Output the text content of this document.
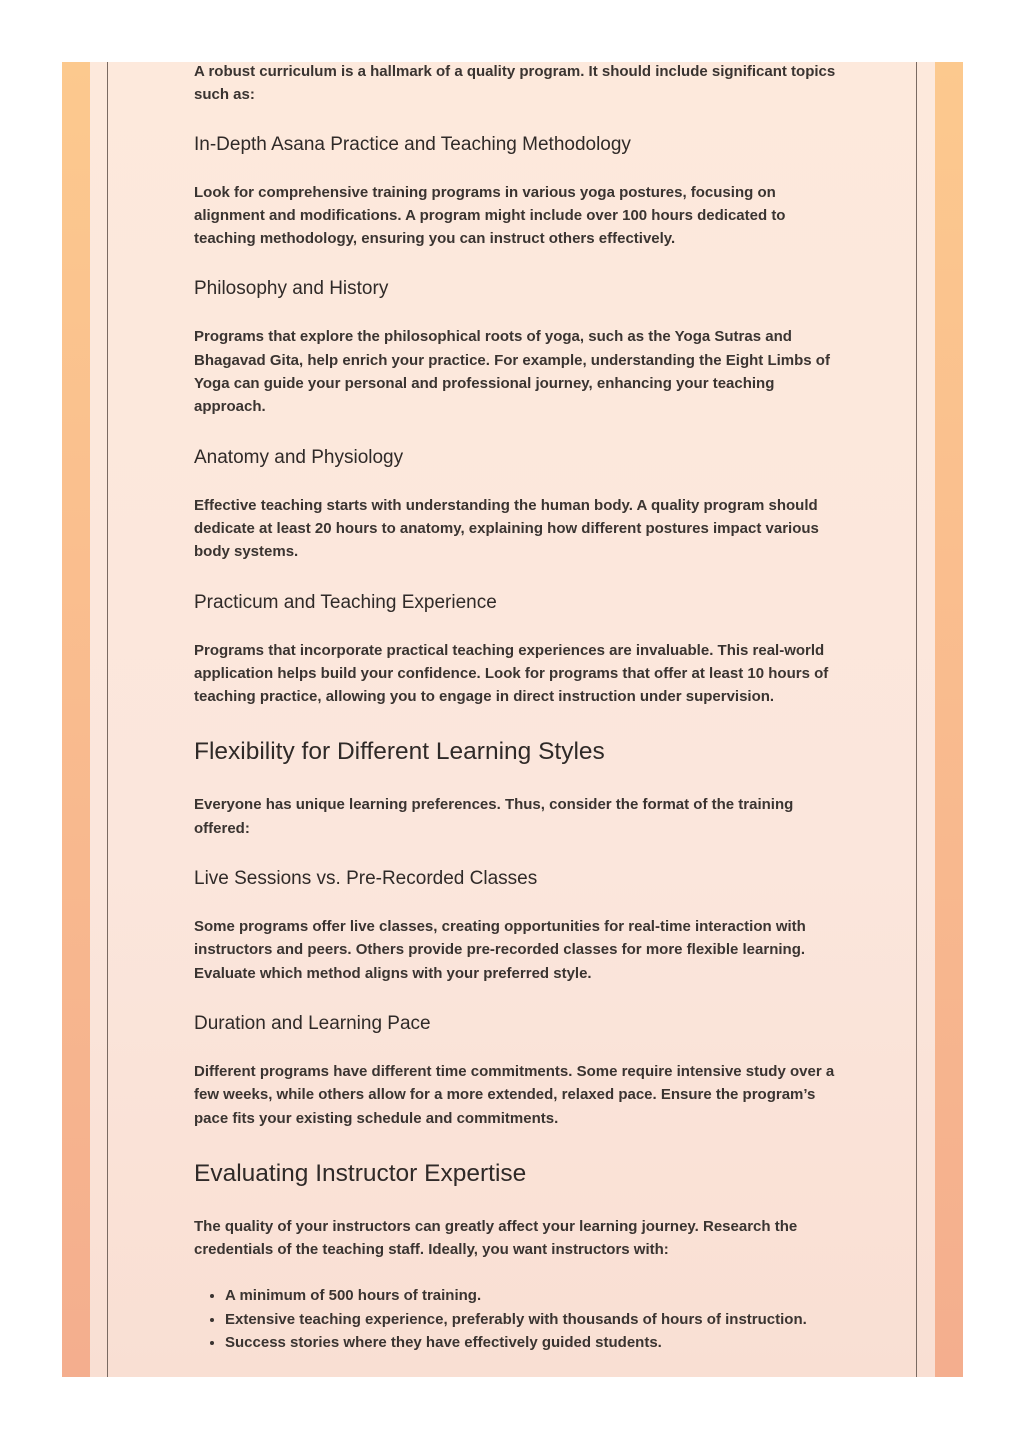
A robust curriculum is a hallmark of a quality program. It should include significant topics such as:

In-Depth Asana Practice and Teaching Methodology

Look for comprehensive training programs in various yoga postures, focusing on alignment and modifications. A program might include over 100 hours dedicated to teaching methodology, ensuring you can instruct others effectively.

Philosophy and History

Programs that explore the philosophical roots of yoga, such as the Yoga Sutras and Bhagavad Gita, help enrich your practice. For example, understanding the Eight Limbs of Yoga can guide your personal and professional journey, enhancing your teaching approach.

Anatomy and Physiology

Effective teaching starts with understanding the human body. A quality program should dedicate at least 20 hours to anatomy, explaining how different postures impact various body systems.

Practicum and Teaching Experience

Programs that incorporate practical teaching experiences are invaluable. This real-world application helps build your confidence. Look for programs that offer at least 10 hours of teaching practice, allowing you to engage in direct instruction under supervision.

Flexibility for Different Learning Styles

Everyone has unique learning preferences. Thus, consider the format of the training offered:

Live Sessions vs. Pre-Recorded Classes

Some programs offer live classes, creating opportunities for real-time interaction with instructors and peers. Others provide pre-recorded classes for more flexible learning. Evaluate which method aligns with your preferred style.

Duration and Learning Pace

Different programs have different time commitments. Some require intensive study over a few weeks, while others allow for a more extended, relaxed pace. Ensure the program’s pace fits your existing schedule and commitments.

Evaluating Instructor Expertise

The quality of your instructors can greatly affect your learning journey. Research the credentials of the teaching staff. Ideally, you want instructors with:

• A minimum of 500 hours of training.
• Extensive teaching experience, preferably with thousands of hours of instruction.
• Success stories where they have effectively guided students.
